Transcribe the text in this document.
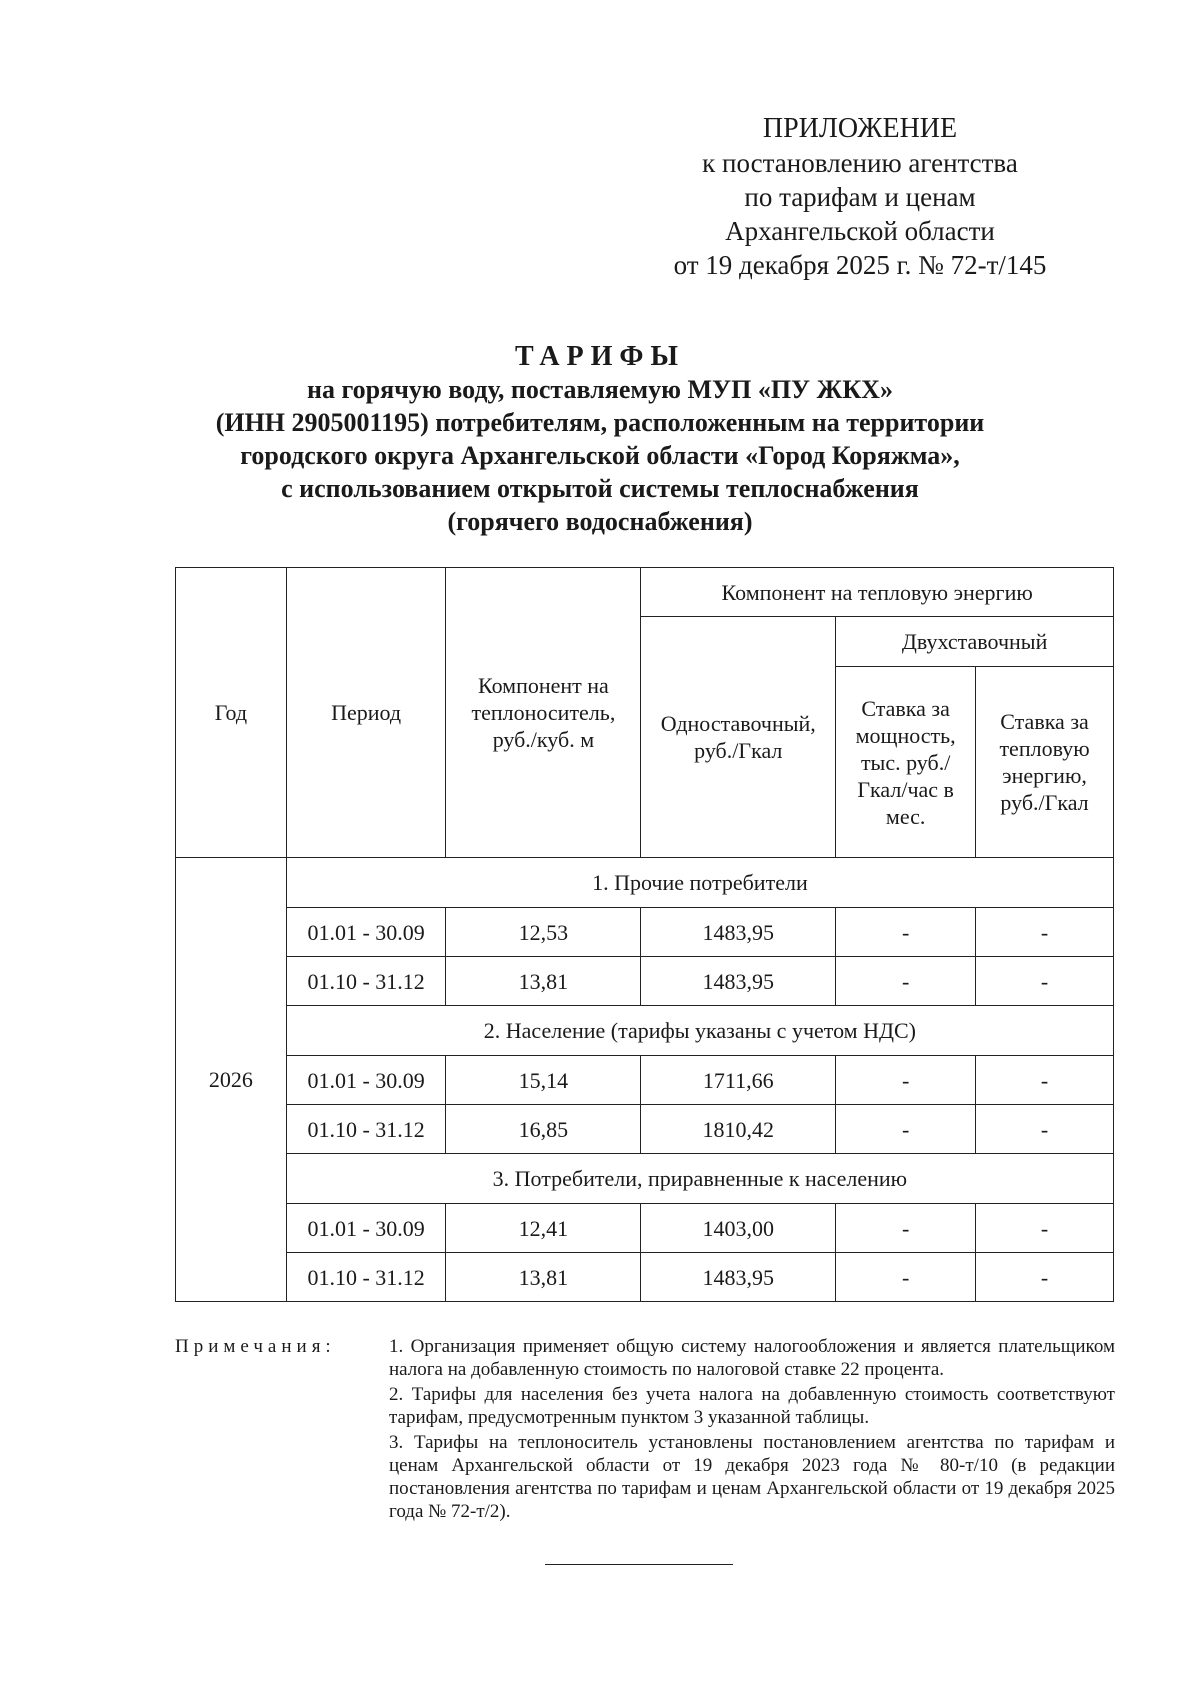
ПРИЛОЖЕНИЕ
к постановлению агентства
по тарифам и ценам
Архангельской области
от 19 декабря 2025 г. № 72-т/145
ТАРИФЫ
на горячую воду, поставляемую МУП «ПУ ЖКХ»
(ИНН 2905001195) потребителям, расположенным на территории
городского округа Архангельской области «Город Коряжма»,
с использованием открытой системы теплоснабжения
(горячего водоснабжения)
Год	Период	Компонент на теплоноситель, руб./куб. м	Компонент на тепловую энергию		
			Одноставочный, руб./Гкал	Двухставочный	
				Ставка за мощность, тыс. руб./ Гкал/час в мес.	Ставка за тепловую энергию, руб./Гкал
2026	1. Прочие потребители				
	01.01 - 30.09	12,53	1483,95	-	-
	01.10 - 31.12	13,81	1483,95	-	-
	2. Население (тарифы указаны с учетом НДС)				
	01.01 - 30.09	15,14	1711,66	-	-
	01.10 - 31.12	16,85	1810,42	-	-
	3. Потребители, приравненные к населению				
	01.01 - 30.09	12,41	1403,00	-	-
	01.10 - 31.12	13,81	1483,95	-	-
Примечания:	1. Организация применяет общую систему налогообложения и является плательщиком налога на добавленную стоимость по налоговой ставке 22 процента.

2. Тарифы для населения без учета налога на добавленную стоимость соответствуют тарифам, предусмотренным пунктом 3 указанной таблицы.

3. Тарифы на теплоноситель установлены постановлением агентства по тарифам и ценам Архангельской области от 19 декабря 2023 года № 80-т/10 (в редакции постановления агентства по тарифам и ценам Архангельской области от 19 декабря 2025 года № 72-т/2).
